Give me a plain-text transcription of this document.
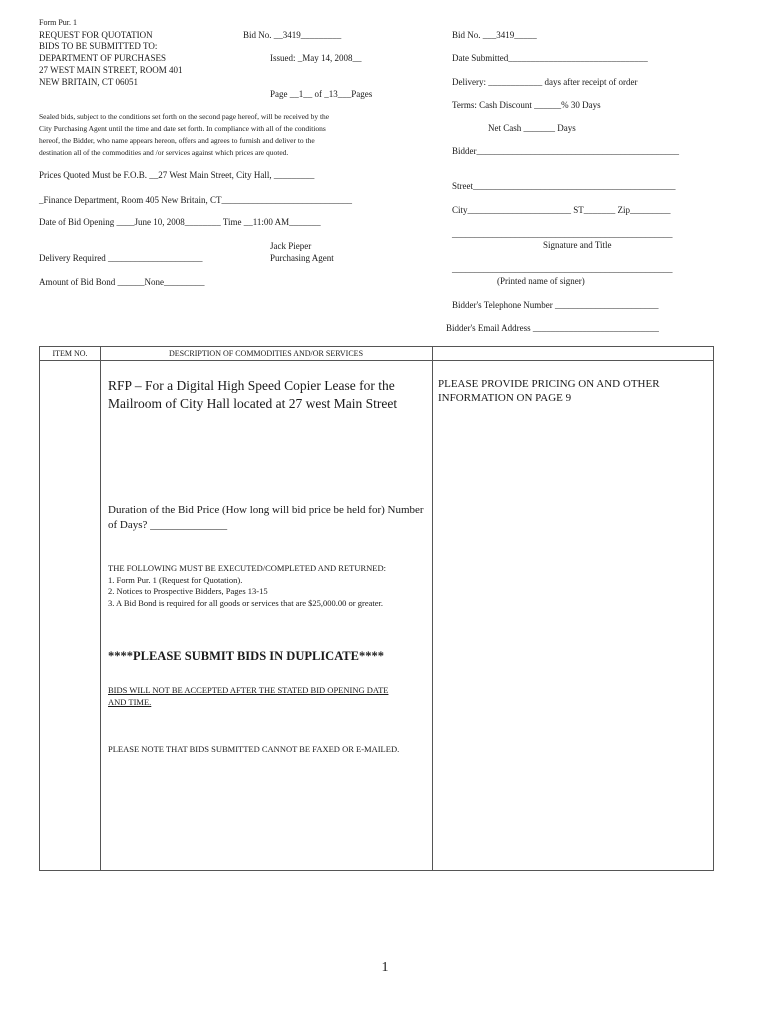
Form Pur. 1
REQUEST FOR QUOTATION
BIDS TO BE SUBMITTED TO:
DEPARTMENT OF PURCHASES
27 WEST MAIN STREET, ROOM 401
NEW BRITAIN, CT 06051
Bid No. __3419_________
Issued: _May 14, 2008__
Page __1__ of _13___Pages
Sealed bids, subject to the conditions set forth on the second page hereof, will be received by the
City Purchasing Agent until the time and date set forth. In compliance with all of the conditions
hereof, the Bidder, who name appears hereon, offers and agrees to furnish and deliver to the
destination all of the commodities and /or services against which prices are quoted.
Prices Quoted Must be F.O.B. __27 West Main Street, City Hall, _________
_Finance Department, Room 405 New Britain, CT_____________________________
Date of Bid Opening ____June 10, 2008________ Time __11:00 AM_______
Jack Pieper
Purchasing Agent
Delivery Required _____________________
Amount of Bid Bond ______None_________
Bid No. ___3419_____
Date Submitted_______________________________
Delivery: ____________ days after receipt of order
Terms: Cash Discount ______% 30 Days
Net Cash _______ Days
Bidder_____________________________________________
Street_____________________________________________
City_______________________ ST_______ Zip_________
_________________________________________________
Signature and Title
_________________________________________________
(Printed name of signer)
Bidder's Telephone Number _______________________
Bidder's Email Address ____________________________
ITEM NO.	DESCRIPTION OF COMMODITIES AND/OR SERVICES
RFP – For a Digital High Speed Copier Lease for the Mailroom of City Hall located at 27 west Main Street
PLEASE PROVIDE PRICING ON AND OTHER INFORMATION ON PAGE 9
Duration of the Bid Price (How long will bid price be held for) Number of Days? ______________
THE FOLLOWING MUST BE EXECUTED/COMPLETED AND RETURNED:
1. Form Pur. 1 (Request for Quotation).
2. Notices to Prospective Bidders, Pages 13-15
3. A Bid Bond is required for all goods or services that are $25,000.00 or greater.
****PLEASE SUBMIT BIDS IN DUPLICATE****
BIDS WILL NOT BE ACCEPTED AFTER THE STATED BID OPENING DATE AND TIME.
PLEASE NOTE THAT BIDS SUBMITTED CANNOT BE FAXED OR E-MAILED.
1
